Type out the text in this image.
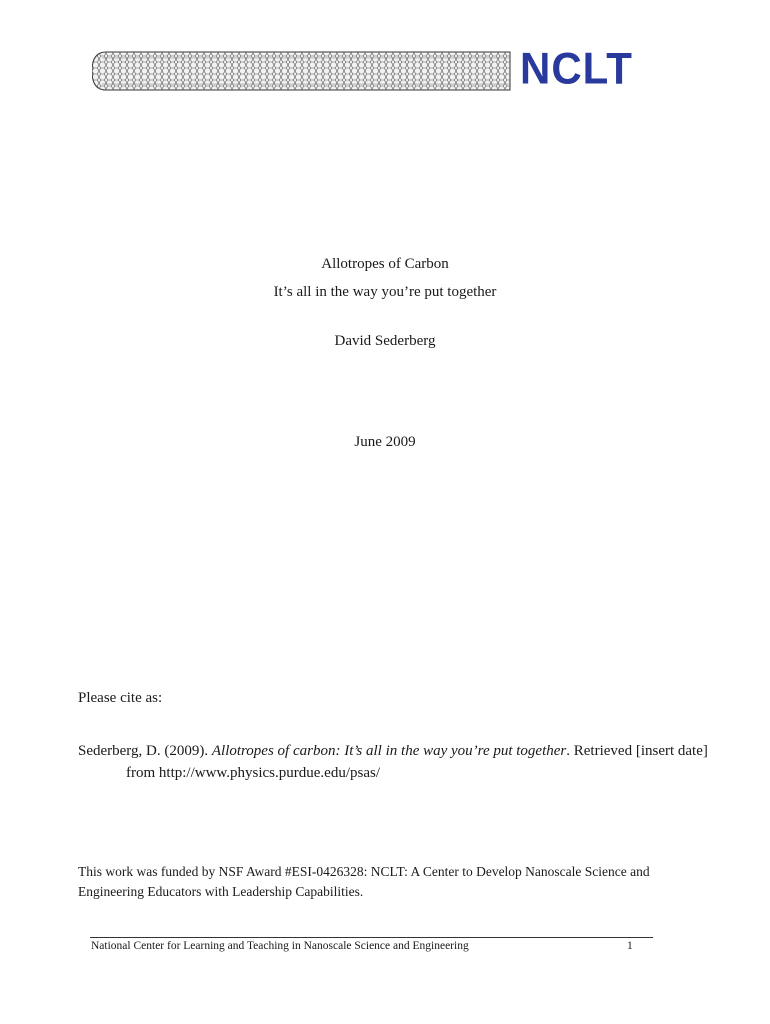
NCLT
Allotropes of Carbon
It’s all in the way you’re put together
David Sederberg
June 2009
Please cite as:
Sederberg, D. (2009). Allotropes of carbon: It’s all in the way you’re put together. Retrieved [insert date] from http://www.physics.purdue.edu/psas/
This work was funded by NSF Award #ESI-0426328: NCLT: A Center to Develop Nanoscale Science and Engineering Educators with Leadership Capabilities.
National Center for Learning and Teaching in Nanoscale Science and Engineering	1
